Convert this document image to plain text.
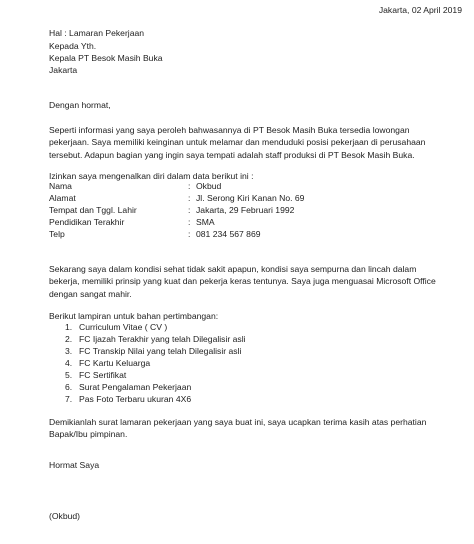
Jakarta, 02 April 2019
Hal : Lamaran Pekerjaan
Kepada Yth.
Kepala PT Besok Masih Buka
Jakarta
Dengan hormat,
Seperti informasi yang saya peroleh bahwasannya di PT Besok Masih Buka tersedia lowongan pekerjaan. Saya memiliki keinginan untuk melamar dan menduduki posisi pekerjaan di perusahaan tersebut. Adapun bagian yang ingin saya tempati adalah staff produksi di PT Besok Masih Buka.
Izinkan saya mengenalkan diri dalam data berikut ini :
Nama	: Okbud
Alamat	: Jl. Serong Kiri Kanan No. 69
Tempat dan Tggl. Lahir	: Jakarta, 29 Februari 1992
Pendidikan Terakhir	: SMA
Telp	: 081 234 567 869
Sekarang saya dalam kondisi sehat tidak sakit apapun, kondisi saya sempurna dan lincah dalam bekerja, memiliki prinsip yang kuat dan pekerja keras tentunya. Saya juga menguasai Microsoft Office dengan sangat mahir.
Berikut lampiran untuk bahan pertimbangan:
1. Curriculum Vitae ( CV )
2. FC Ijazah Terakhir yang telah Dilegalisir asli
3. FC Transkip Nilai yang telah Dilegalisir asli
4. FC Kartu Keluarga
5. FC Sertifikat
6. Surat Pengalaman Pekerjaan
7. Pas Foto Terbaru ukuran 4X6
Demikianlah surat lamaran pekerjaan yang saya buat ini, saya ucapkan terima kasih atas perhatian Bapak/Ibu pimpinan.
Hormat Saya
(Okbud)
